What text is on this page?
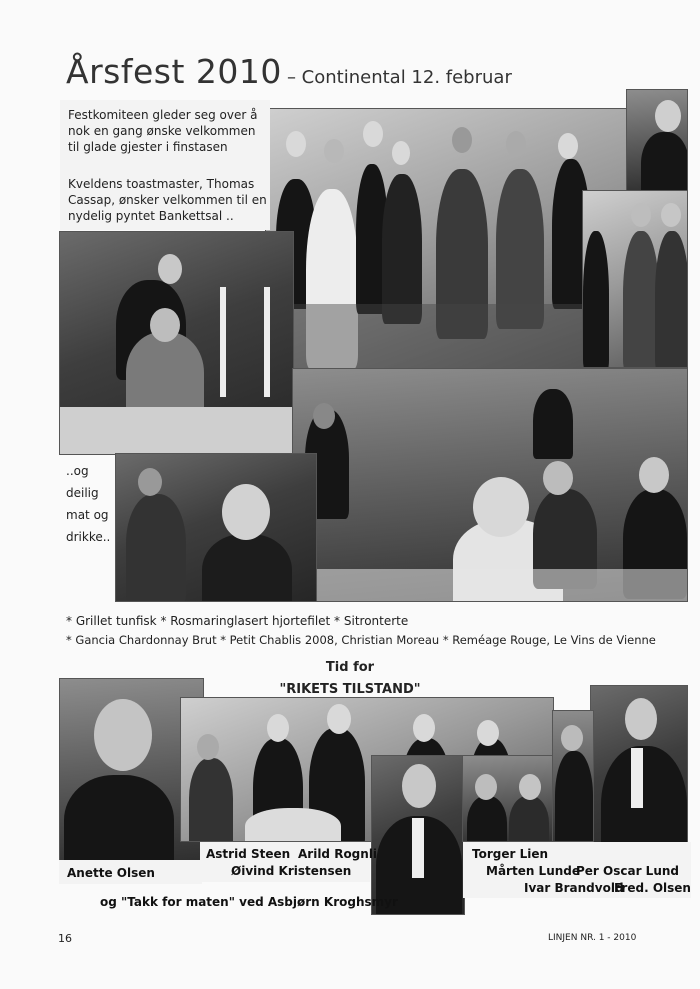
Årsfest 2010 – Continental 12. februar
Festkomiteen gleder seg over å nok en gang ønske velkommen til glade gjester i finstasen
Kveldens toastmaster, Thomas Cassap, ønsker velkommen til en nydelig pyntet Bankettsal ..
..og
deilig
mat og
drikke..
* Grillet tunfisk * Rosmaringlasert hjortefilet * Sitronterte
* Gancia Chardonnay Brut * Petit Chablis 2008, Christian Moreau * Reméage Rouge, Le Vins de Vienne
Tid for
"RIKETS TILSTAND"
Anette Olsen
Astrid Steen Arild Rognli
Øivind Kristensen
Torger Lien
Mårten Lunde
Per Oscar Lund
Ivar Brandvold
Fred. Olsen
og "Takk for maten" ved Asbjørn Kroghsmyr
16	LINJEN NR. 1 - 2010
